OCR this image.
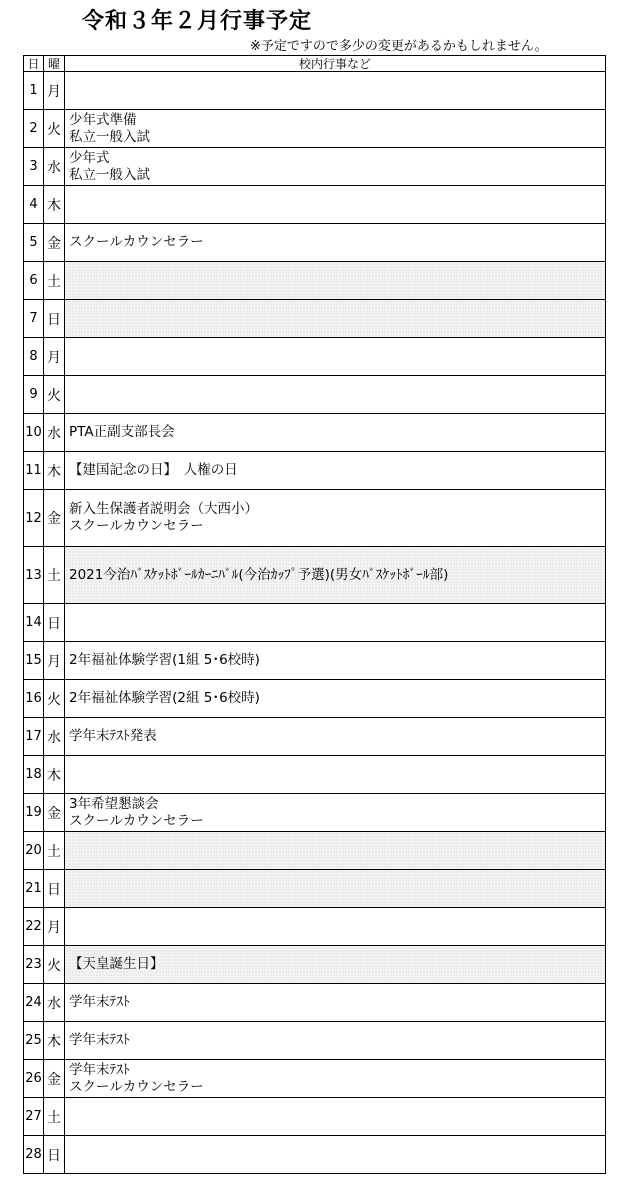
令和３年２月行事予定
※予定ですので多少の変更があるかもしれません。
日	曜	校内行事など
1	月	
2	火	少年式準備
私立一般入試

3	水	少年式
私立一般入試

4	木	
5	金	スクールカウンセラー

6	土	
7	日	
8	月	
9	火	
10	水	PTA正副支部長会

11	木	【建国記念の日】　人権の日

12	金	新入生保護者説明会（大西小）
スクールカウンセラー

13	土	2021今治ﾊﾞｽｹｯﾄﾎﾞｰﾙｶｰﾆﾊﾞﾙ(今治ｶｯﾌﾟ予選)(男女ﾊﾞｽｹｯﾄﾎﾞｰﾙ部)

14	日	
15	月	2年福祉体験学習(1組 5･6校時)

16	火	2年福祉体験学習(2組 5･6校時)

17	水	学年末ﾃｽﾄ発表

18	木	
19	金	3年希望懇談会
スクールカウンセラー

20	土	
21	日	
22	月	
23	火	【天皇誕生日】

24	水	学年末ﾃｽﾄ

25	木	学年末ﾃｽﾄ

26	金	学年末ﾃｽﾄ
スクールカウンセラー

27	土	
28	日	
